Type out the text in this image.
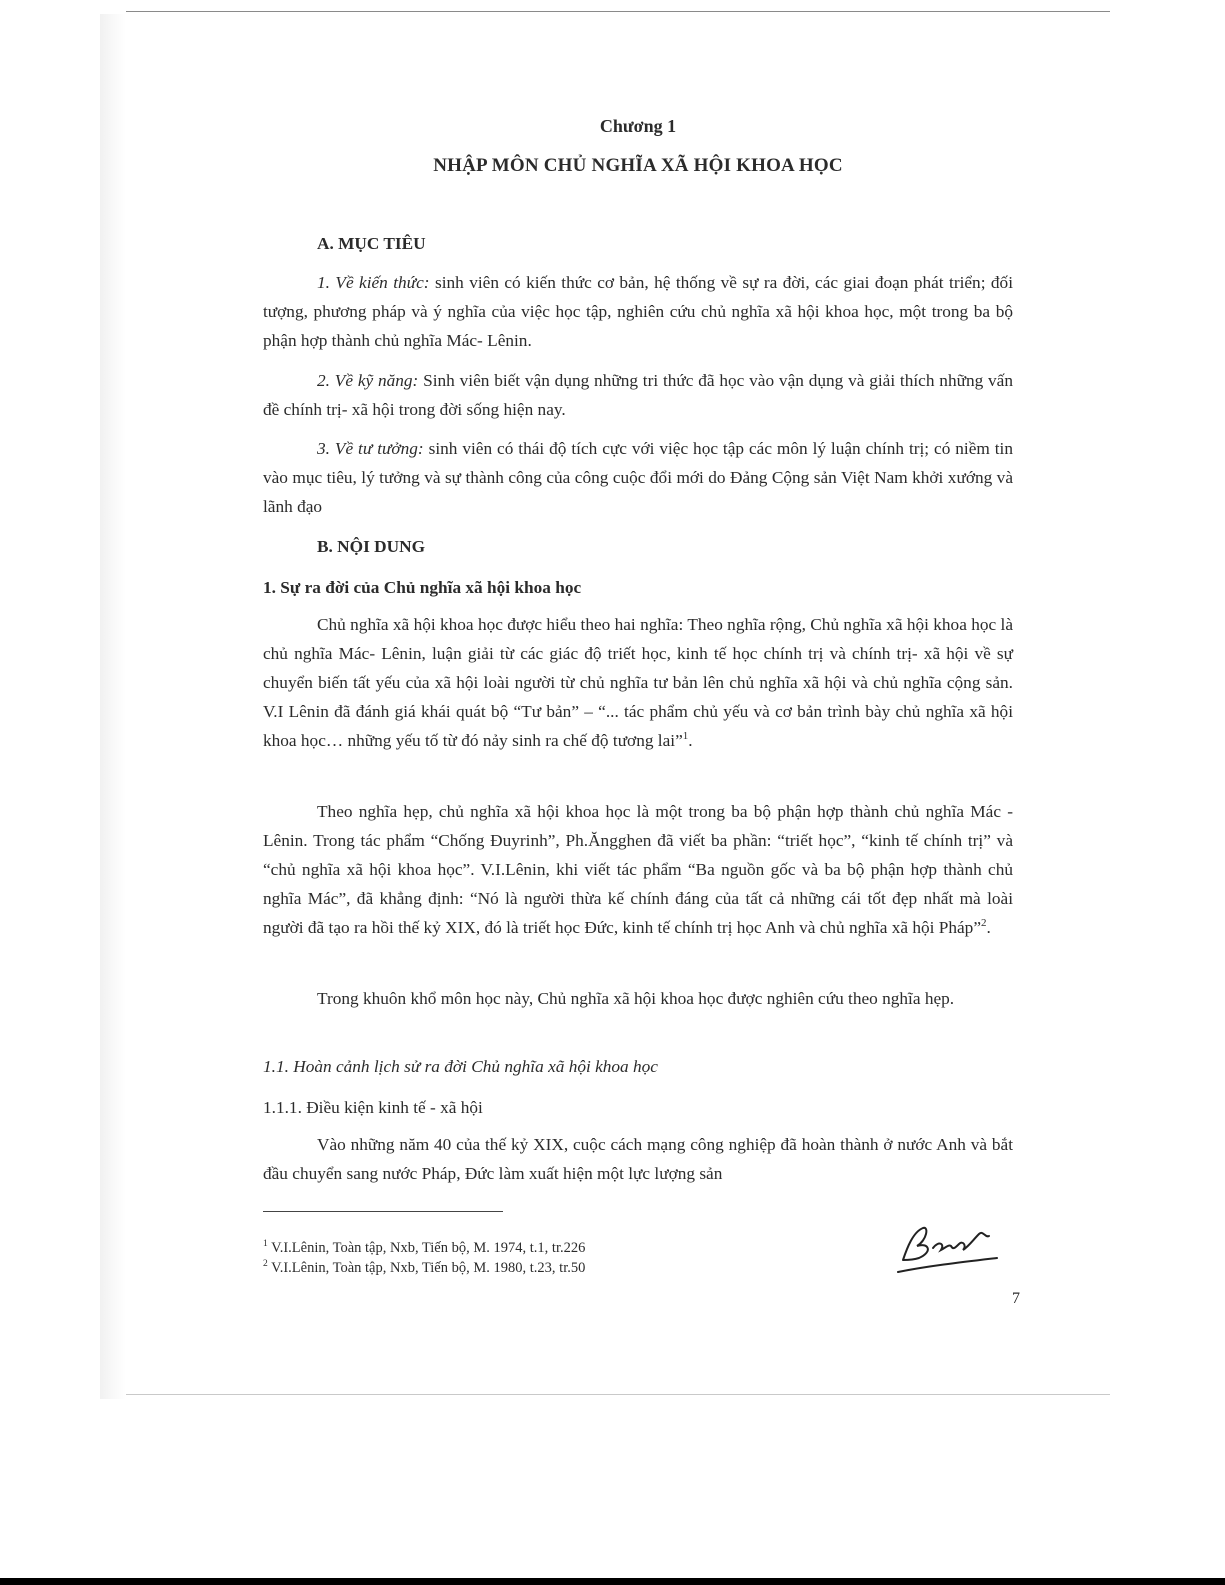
Chương 1
NHẬP MÔN CHỦ NGHĨA XÃ HỘI KHOA HỌC
A. MỤC TIÊU
1. Về kiến thức: sinh viên có kiến thức cơ bản, hệ thống về sự ra đời, các giai đoạn phát triển; đối tượng, phương pháp và ý nghĩa của việc học tập, nghiên cứu chủ nghĩa xã hội khoa học, một trong ba bộ phận hợp thành chủ nghĩa Mác- Lênin.
2. Về kỹ năng: Sinh viên biết vận dụng những tri thức đã học vào vận dụng và giải thích những vấn đề chính trị- xã hội trong đời sống hiện nay.
3. Về tư tưởng: sinh viên có thái độ tích cực với việc học tập các môn lý luận chính trị; có niềm tin vào mục tiêu, lý tưởng và sự thành công của công cuộc đổi mới do Đảng Cộng sản Việt Nam khởi xướng và lãnh đạo
B. NỘI DUNG
1. Sự ra đời của Chủ nghĩa xã hội khoa học
Chủ nghĩa xã hội khoa học được hiểu theo hai nghĩa: Theo nghĩa rộng, Chủ nghĩa xã hội khoa học là chủ nghĩa Mác- Lênin, luận giải từ các giác độ triết học, kinh tế học chính trị và chính trị- xã hội về sự chuyển biến tất yếu của xã hội loài người từ chủ nghĩa tư bản lên chủ nghĩa xã hội và chủ nghĩa cộng sản. V.I Lênin đã đánh giá khái quát bộ “Tư bản” – “... tác phẩm chủ yếu và cơ bản trình bày chủ nghĩa xã hội khoa học… những yếu tố từ đó nảy sinh ra chế độ tương lai”$^1$.
Theo nghĩa hẹp, chủ nghĩa xã hội khoa học là một trong ba bộ phận hợp thành chủ nghĩa Mác - Lênin. Trong tác phẩm “Chống Đuyrinh”, Ph.Ăngghen đã viết ba phần: “triết học”, “kinh tế chính trị” và “chủ nghĩa xã hội khoa học”. V.I.Lênin, khi viết tác phẩm “Ba nguồn gốc và ba bộ phận hợp thành chủ nghĩa Mác”, đã khẳng định: “Nó là người thừa kế chính đáng của tất cả những cái tốt đẹp nhất mà loài người đã tạo ra hồi thế kỷ XIX, đó là triết học Đức, kinh tế chính trị học Anh và chủ nghĩa xã hội Pháp”$^2$.
Trong khuôn khổ môn học này, Chủ nghĩa xã hội khoa học được nghiên cứu theo nghĩa hẹp.
1.1. Hoàn cảnh lịch sử ra đời Chủ nghĩa xã hội khoa học
1.1.1. Điều kiện kinh tế - xã hội
Vào những năm 40 của thế kỷ XIX, cuộc cách mạng công nghiệp đã hoàn thành ở nước Anh và bắt đầu chuyển sang nước Pháp, Đức làm xuất hiện một lực lượng sản
$^1$ V.I.Lênin, Toàn tập, Nxb, Tiến bộ, M. 1974, t.1, tr.226
$^2$ V.I.Lênin, Toàn tập, Nxb, Tiến bộ, M. 1980, t.23, tr.50
7
